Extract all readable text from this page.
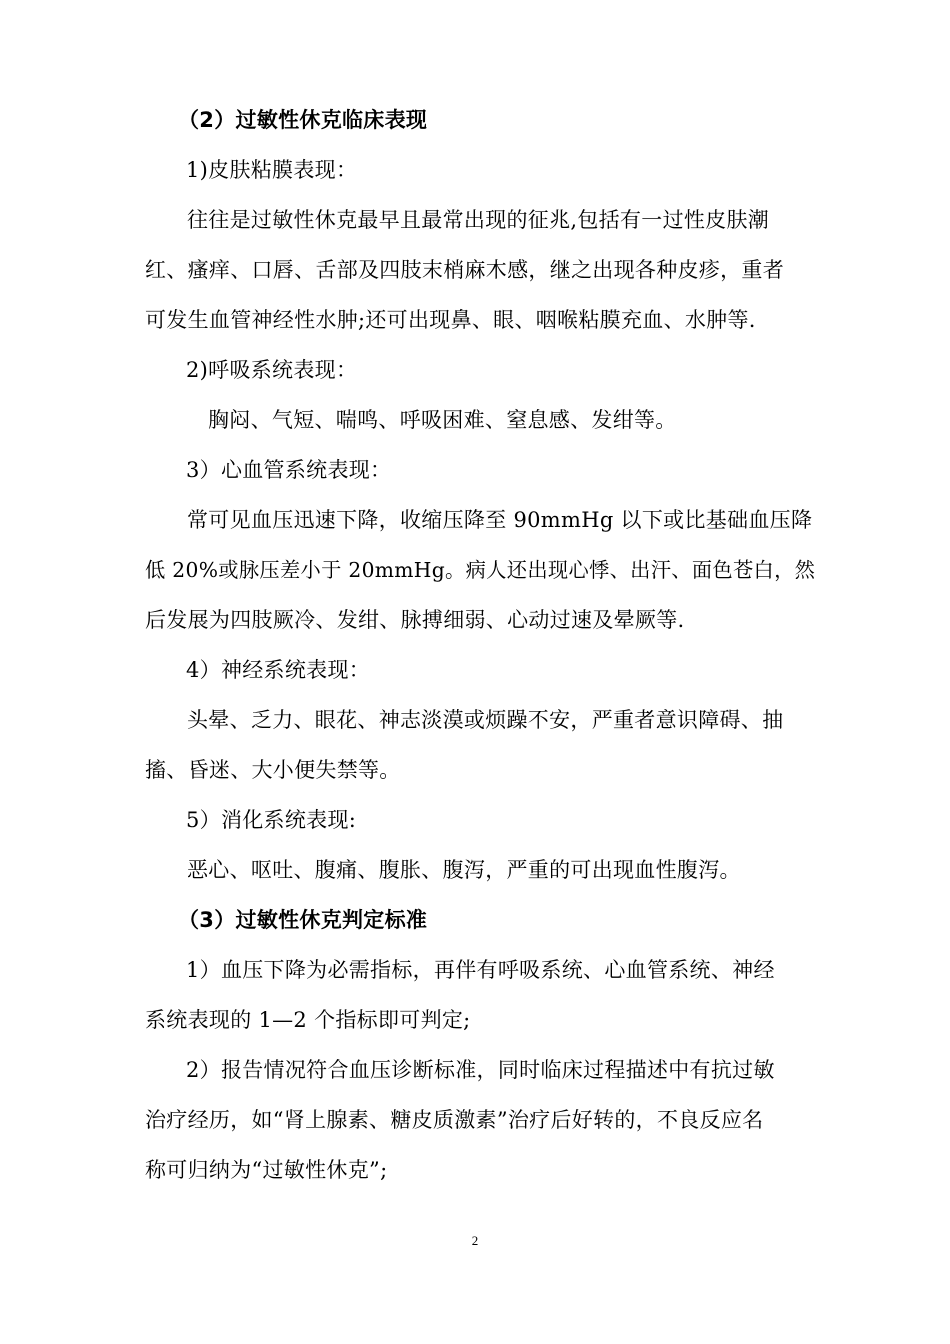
（2）过敏性休克临床表现
1)皮肤粘膜表现：
往往是过敏性休克最早且最常出现的征兆,包括有一过性皮肤潮
红、瘙痒、口唇、舌部及四肢末梢麻木感，继之出现各种皮疹，重者
可发生血管神经性水肿;还可出现鼻、眼、咽喉粘膜充血、水肿等.
2)呼吸系统表现：
胸闷、气短、喘鸣、呼吸困难、窒息感、发绀等。
3）心血管系统表现：
常可见血压迅速下降，收缩压降至 90mmHg 以下或比基础血压降
低 20%或脉压差小于 20mmHg。病人还出现心悸、出汗、面色苍白，然
后发展为四肢厥冷、发绀、脉搏细弱、心动过速及晕厥等.
4）神经系统表现：
头晕、乏力、眼花、神志淡漠或烦躁不安，严重者意识障碍、抽
搐、昏迷、大小便失禁等。
5）消化系统表现:
恶心、呕吐、腹痛、腹胀、腹泻，严重的可出现血性腹泻。
（3）过敏性休克判定标准
1）血压下降为必需指标，再伴有呼吸系统、心血管系统、神经
系统表现的 1—2 个指标即可判定;
2）报告情况符合血压诊断标准，同时临床过程描述中有抗过敏
治疗经历，如“肾上腺素、糖皮质激素”治疗后好转的，不良反应名
称可归纳为“过敏性休克”;
2
